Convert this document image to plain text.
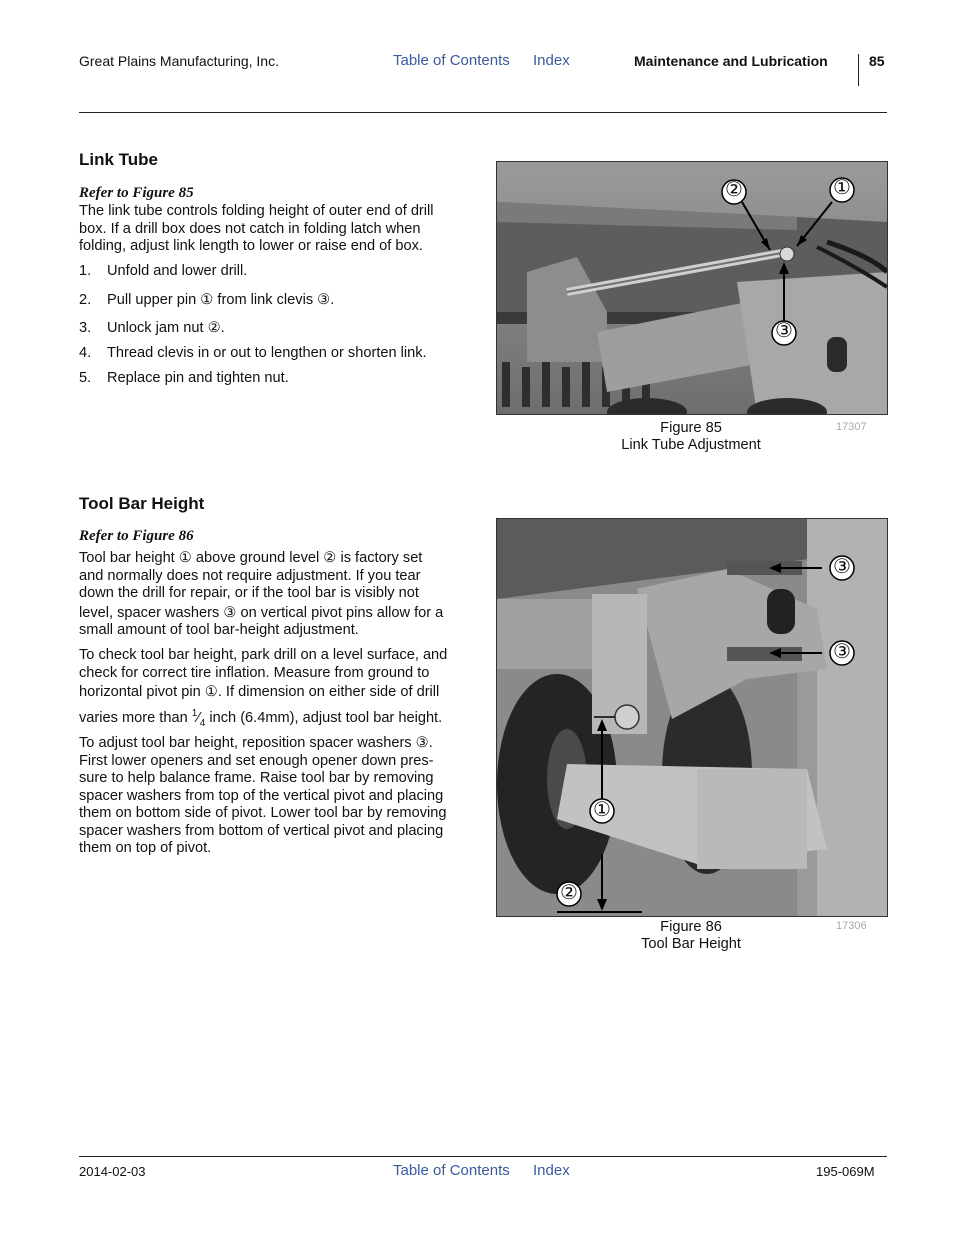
Great Plains Manufacturing, Inc.	Table of Contents Index	Maintenance and Lubrication	85
Link Tube
Refer to Figure 85
The link tube controls folding height of outer end of drill
box. If a drill box does not catch in folding latch when
folding, adjust link length to lower or raise end of box.
1. Unfold and lower drill.
2. Pull upper pin ① from link clevis ③.
3. Unlock jam nut ②.
4. Thread clevis in or out to lengthen or shorten link.
5. Replace pin and tighten nut.
②	①
③
Figure 85
Link Tube Adjustment
17307
Tool Bar Height
Refer to Figure 86
Tool bar height ① above ground level ② is factory set
and normally does not require adjustment. If you tear
down the drill for repair, or if the tool bar is visibly not
level, spacer washers ③ on vertical pivot pins allow for a
small amount of tool bar-height adjustment.
To check tool bar height, park drill on a level surface, and
check for correct tire inflation. Measure from ground to
horizontal pivot pin ①. If dimension on either side of drill
varies more than $^1⁄_4$ inch (6.4mm), adjust tool bar height.
To adjust tool bar height, reposition spacer washers ③.
First lower openers and set enough opener down pres-
sure to help balance frame. Raise tool bar by removing
spacer washers from top of the vertical pivot and placing
them on bottom side of pivot. Lower tool bar by removing
spacer washers from bottom of vertical pivot and placing
them on top of pivot.
③
③
①
②
Figure 86
Tool Bar Height
17306
2014-02-03	Table of Contents Index	195-069M
